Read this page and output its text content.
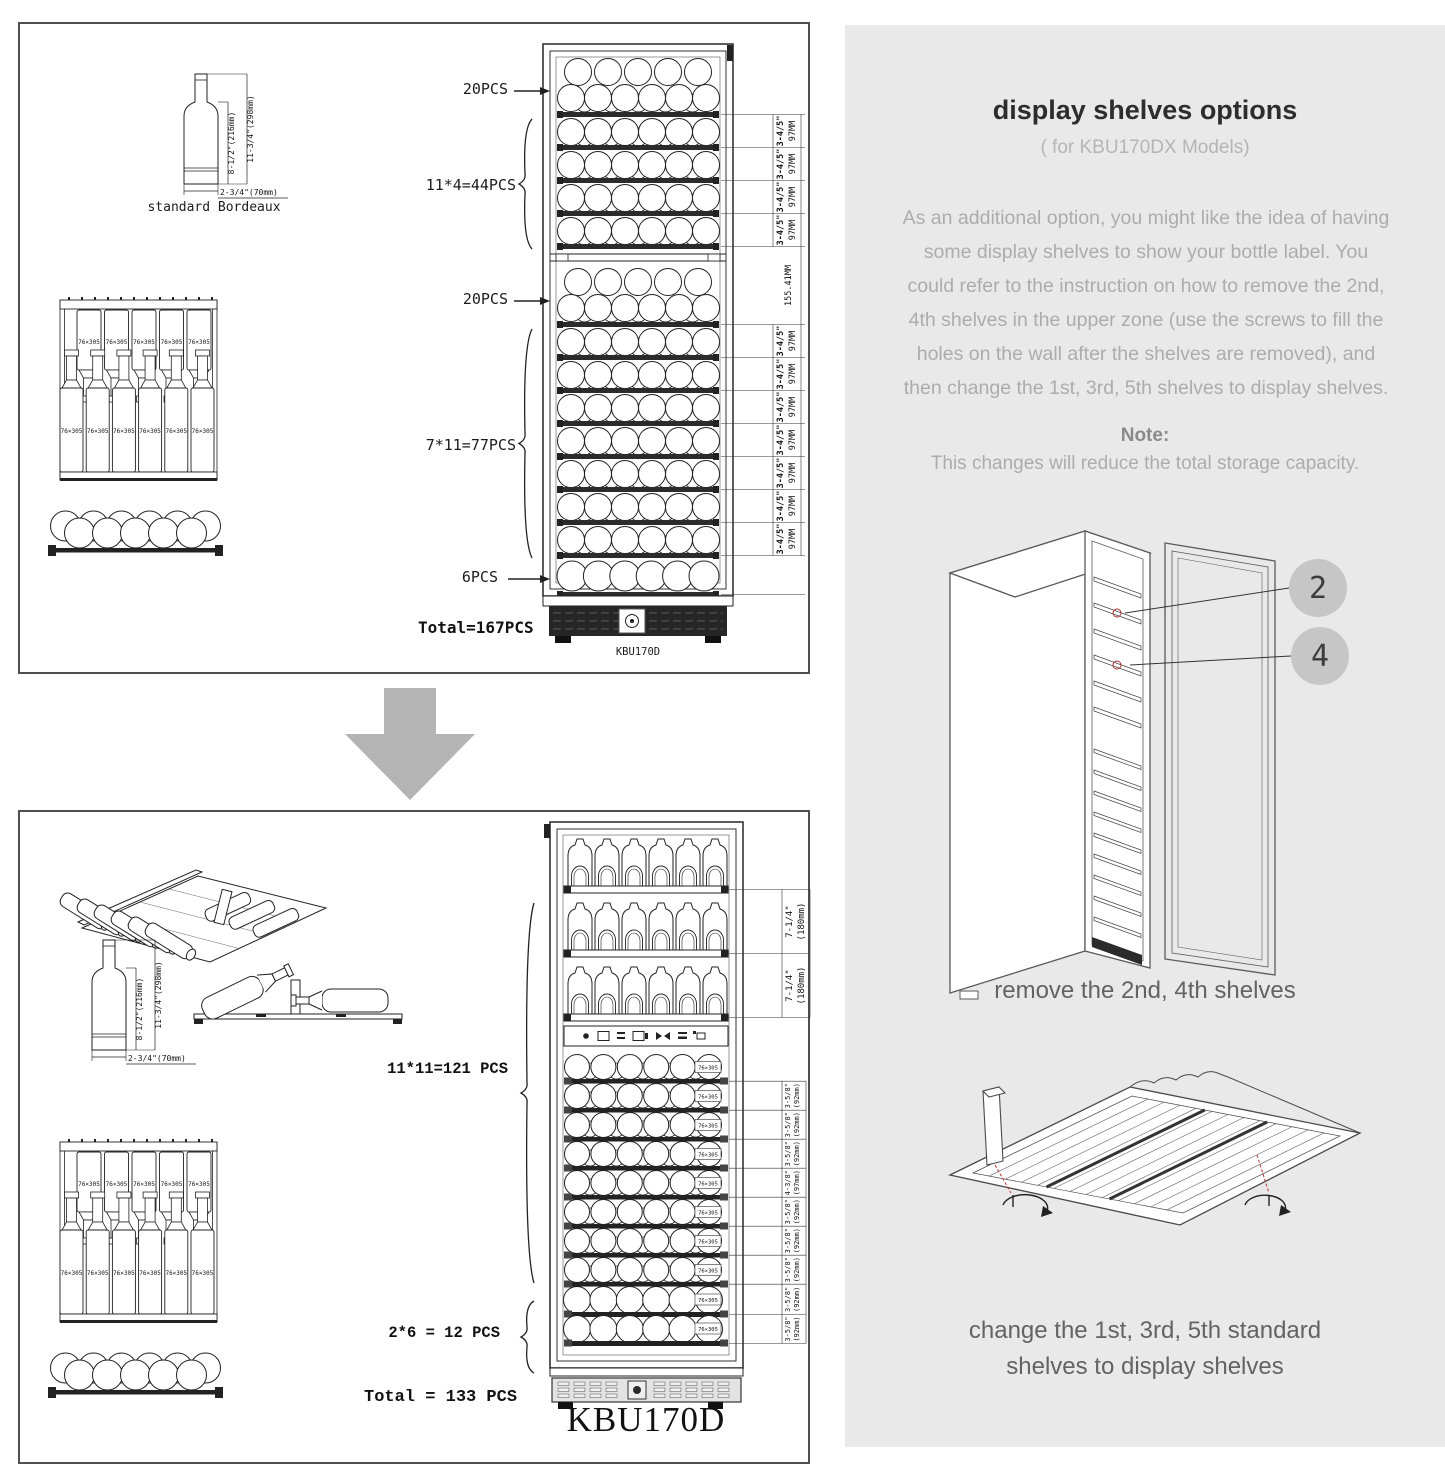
8-1/2"(216mm) 11-3/4"(298mm)
2-3/4"(70mm)
standard Bordeaux
76×305 76×305 76×305 76×305 76×305
76×305 76×305 76×305 76×305 76×305 76×305
3-4/5" 97MM
3-4/5" 97MM
3-4/5" 97MM
3-4/5" 97MM
155.41MM
3-4/5" 97MM
3-4/5" 97MM
3-4/5" 97MM
3-4/5" 97MM
3-4/5" 97MM
3-4/5" 97MM
3-4/5" 97MM
20PCS
11*4=44PCS
20PCS
7*11=77PCS
6PCS
Total=167PCS
KBU170D
8-1/2"(216mm) 11-3/4"(298mm)
2-3/4"(70mm)
76×305 76×305 76×305 76×305 76×305
76×305 76×305 76×305 76×305 76×305 76×305
76×305
76×305
76×305
76×305
76×305
76×305
76×305
76×305
76×305
76×305
7-1/4" (180mm)
7-1/4" (180mm)
3-5/8" (92mm)
3-5/8" (92mm)
3-5/8" (92mm)
4-3/8" (97mm)
3-5/8" (92mm)
3-5/8" (92mm)
3-5/8" (92mm)
3-5/8" (92mm)
3-5/8" (92mm)
11*11=121 PCS
2*6 = 12 PCS
Total = 133 PCS
KBU170D
display shelves options
( for KBU170DX Models)
As an additional option, you might like the idea of having some display shelves to show your bottle label. You could refer to the instruction on how to remove the 2nd, 4th shelves in the upper zone (use the screws to fill the holes on the wall after the shelves are removed), and then change the 1st, 3rd, 5th shelves to display shelves.
Note:
This changes will reduce the total storage capacity.
2
4
remove the 2nd, 4th shelves
change the 1st, 3rd, 5th standard
shelves to display shelves
